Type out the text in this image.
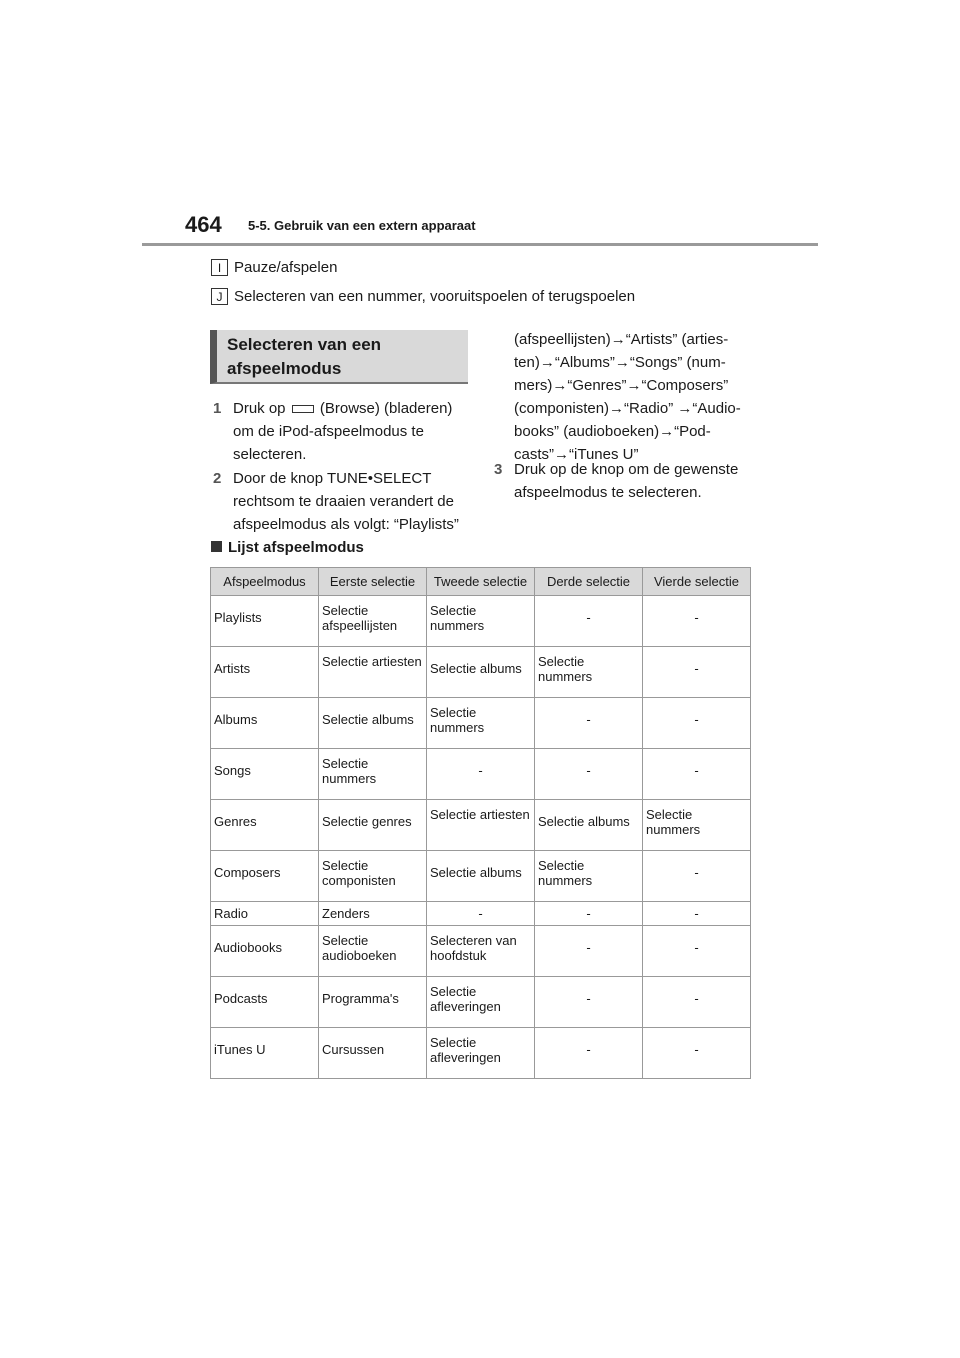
464 5-5. Gebruik van een extern apparaat
I Pauze/afspelen
J Selecteren van een nummer, vooruitspoelen of terugspoelen
Selecteren van een
afspeelmodus
1 Druk op (Browse) (bladeren) om de iPod-afspeelmodus te selecteren.
2 Door de knop TUNE•SELECT rechtsom te draaien verandert de afspeelmodus als volgt: “Playlists”
(afspeellijsten)→“Artists” (arties-ten)→“Albums”→“Songs” (num-mers)→“Genres”→“Composers” (componisten)→“Radio” →“Audio-books” (audioboeken)→“Pod-casts”→“iTunes U”
3 Druk op de knop om de gewenste afspeelmodus te selecteren.
Lijst afspeelmodus
Afspeelmodus	Eerste selectie	Tweede selectie	Derde selectie	Vierde selectie
Playlists	Selectie afspeellijsten	Selectie nummers	-	-
Artists	Selectie artiesten	Selectie albums	Selectie nummers	-
Albums	Selectie albums	Selectie nummers	-	-
Songs	Selectie nummers	-	-	-
Genres	Selectie genres	Selectie artiesten	Selectie albums	Selectie nummers
Composers	Selectie componisten	Selectie albums	Selectie nummers	-
Radio	Zenders	-	-	-
Audiobooks	Selectie audioboeken	Selecteren van hoofdstuk	-	-
Podcasts	Programma's	Selectie afleveringen	-	-
iTunes U	Cursussen	Selectie afleveringen	-	-
